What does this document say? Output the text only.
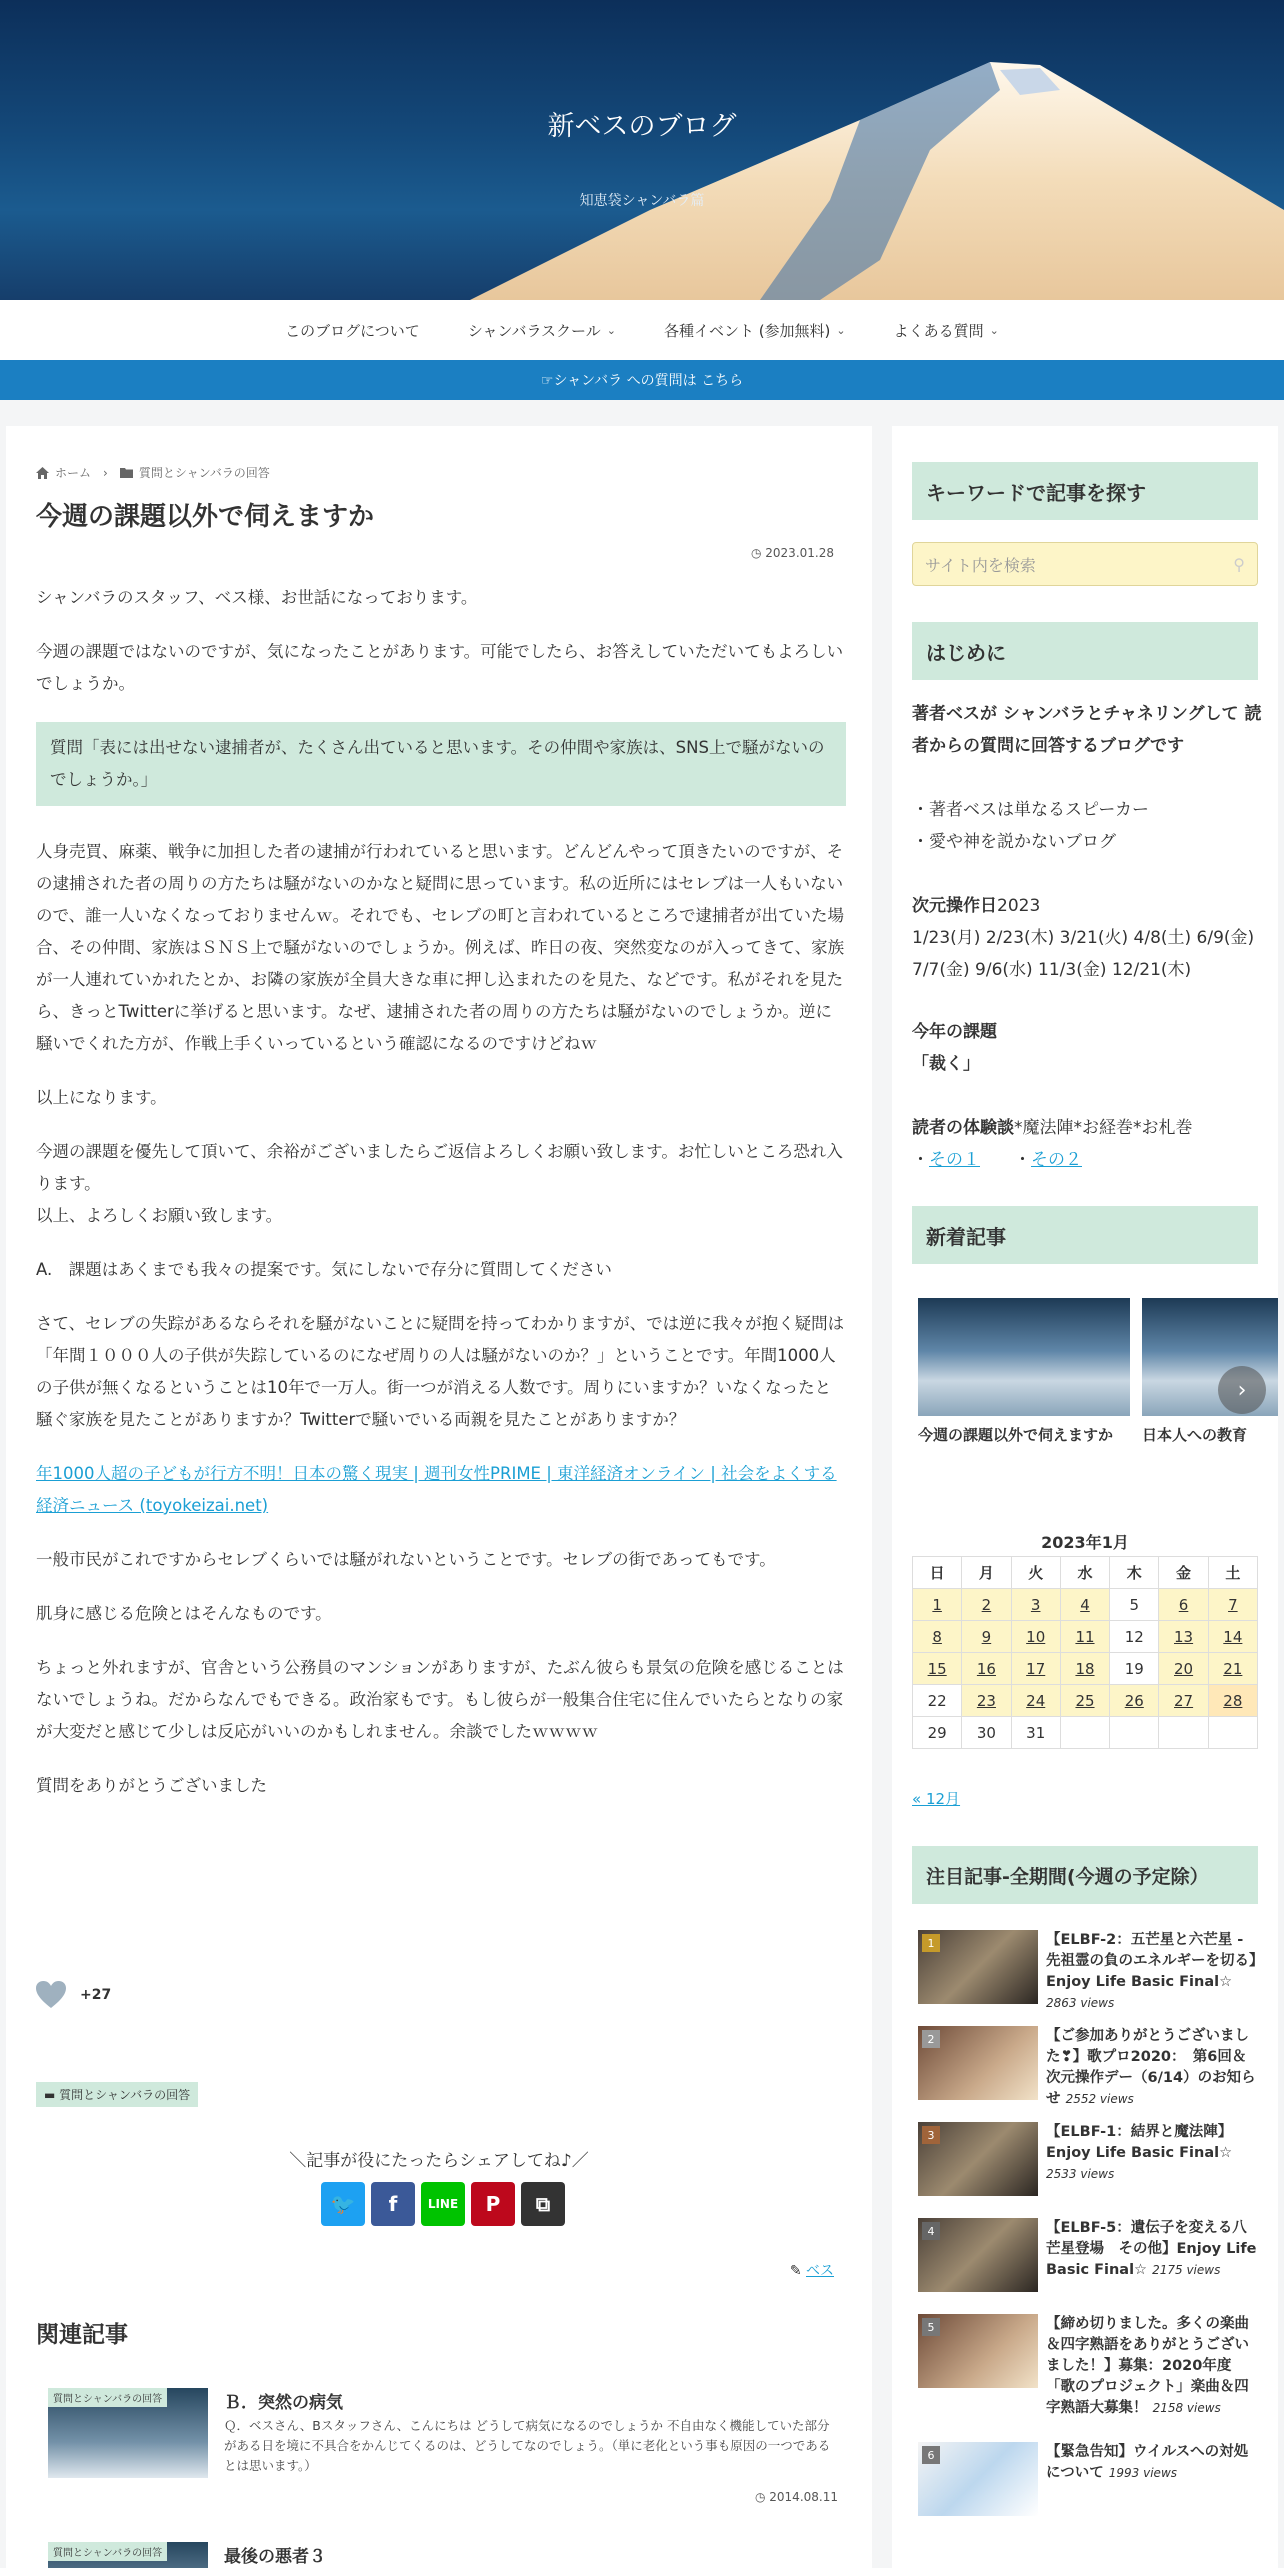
新ベスのブログ
知恵袋シャンバラ篇
このブログについて	シャンバラスクール ⌄	各種イベント (参加無料) ⌄	よくある質問 ⌄
☞シャンバラ への質問は こちら
ホーム ›	質問とシャンバラの回答
今週の課題以外で伺えますか
◷ 2023.01.28

シャンバラのスタッフ、ベス様、お世話になっております。

今週の課題ではないのですが、気になったことがあります。可能でしたら、お答えしていただいてもよろしいでしょうか。

質問「表には出せない逮捕者が、たくさん出ていると思います。その仲間や家族は、SNS上で騒がないのでしょうか。」

人身売買、麻薬、戦争に加担した者の逮捕が行われていると思います。どんどんやって頂きたいのですが、その逮捕された者の周りの方たちは騒がないのかなと疑問に思っています。私の近所にはセレブは一人もいないので、誰一人いなくなっておりませんｗ。それでも、セレブの町と言われているところで逮捕者が出ていた場合、その仲間、家族はＳＮＳ上で騒がないのでしょうか。例えば、昨日の夜、突然変なのが入ってきて、家族が一人連れていかれたとか、お隣の家族が全員大きな車に押し込まれたのを見た、などです。私がそれを見たら、きっとTwitterに挙げると思います。なぜ、逮捕された者の周りの方たちは騒がないのでしょうか。逆に騒いでくれた方が、作戦上手くいっているという確認になるのですけどねｗ

以上になります。

今週の課題を優先して頂いて、余裕がございましたらご返信よろしくお願い致します。お忙しいところ恐れ入ります。
以上、よろしくお願い致します。

A.　課題はあくまでも我々の提案です。気にしないで存分に質問してください

さて、セレブの失踪があるならそれを騒がないことに疑問を持ってわかりますが、では逆に我々が抱く疑問は「年間１０００人の子供が失踪しているのになぜ周りの人は騒がないのか？」ということです。年間1000人の子供が無くなるということは10年で一万人。街一つが消える人数です。周りにいますか？いなくなったと騒ぐ家族を見たことがありますか？Twitterで騒いでいる両親を見たことがありますか？

年1000人超の子どもが行方不明！日本の驚く現実 | 週刊女性PRIME | 東洋経済オンライン | 社会をよくする経済ニュース (toyokeizai.net)

一般市民がこれですからセレブくらいでは騒がれないということです。セレブの街であってもです。

肌身に感じる危険とはそんなものです。

ちょっと外れますが、官舎という公務員のマンションがありますが、たぶん彼らも景気の危険を感じることはないでしょうね。だからなんでもできる。政治家もです。もし彼らが一般集合住宅に住んでいたらとなりの家が大変だと感じて少しは反応がいいのかもしれません。余談でしたｗｗｗｗ

質問をありがとうございました

+27
▬ 質問とシャンバラの回答
＼記事が役にたったらシェアしてね♪／
🐦	f	LINE	P	⧉
✎ ベス
関連記事
質問とシャンバラの回答	Ｂ．突然の病気
Ｑ．ベスさん、Bスタッフさん、こんにちは どうして病気になるのでしょうか 不自由なく機能していた部分がある日を境に不具合をかんじてくるのは、どうしてなのでしょう。（単に老化という事も原因の一つであるとは思います。）
◷ 2014.08.11
質問とシャンバラの回答	最後の悪者３
キーワードで記事を探す
サイト内を検索	⚲
はじめに
著者ベスが シャンバラとチャネリングして 読者からの質問に回答するブログです
・著者ベスは単なるスピーカー
・愛や神を説かないブログ
次元操作日2023
1/23(月) 2/23(木) 3/21(火) 4/8(土) 6/9(金) 7/7(金) 9/6(水) 11/3(金) 12/21(木)
今年の課題
「裁く」
読者の体験談*魔法陣*お経巻*お札巻
・その１　　・その２
新着記事
今週の課題以外で伺えますか	日本人への教育
›
2023年1月
日	月	火	水	木	金	土
1	2	3	4	5	6	7
8	9	10	11	12	13	14
15	16	17	18	19	20	21
22	23	24	25	26	27	28
29	30	31				
« 12月
注目記事-全期間(今週の予定除）
1	【ELBF-2：五芒星と六芒星 - 先祖霊の負のエネルギーを切る】Enjoy Life Basic Final☆ 2863 views
2	【ご参加ありがとうございました❣】歌プロ2020：　第6回＆次元操作デー（6/14）のお知らせ 2552 views
3	【ELBF-1：結界と魔法陣】Enjoy Life Basic Final☆ 2533 views
4	【ELBF-5：遺伝子を変える八芒星登場　その他】Enjoy Life Basic Final☆ 2175 views
5	【締め切りました。多くの楽曲＆四字熟語をありがとうございました！】募集：2020年度「歌のプロジェクト」楽曲＆四字熟語大募集！ 2158 views
6	【緊急告知】ウイルスへの対処について 1993 views
